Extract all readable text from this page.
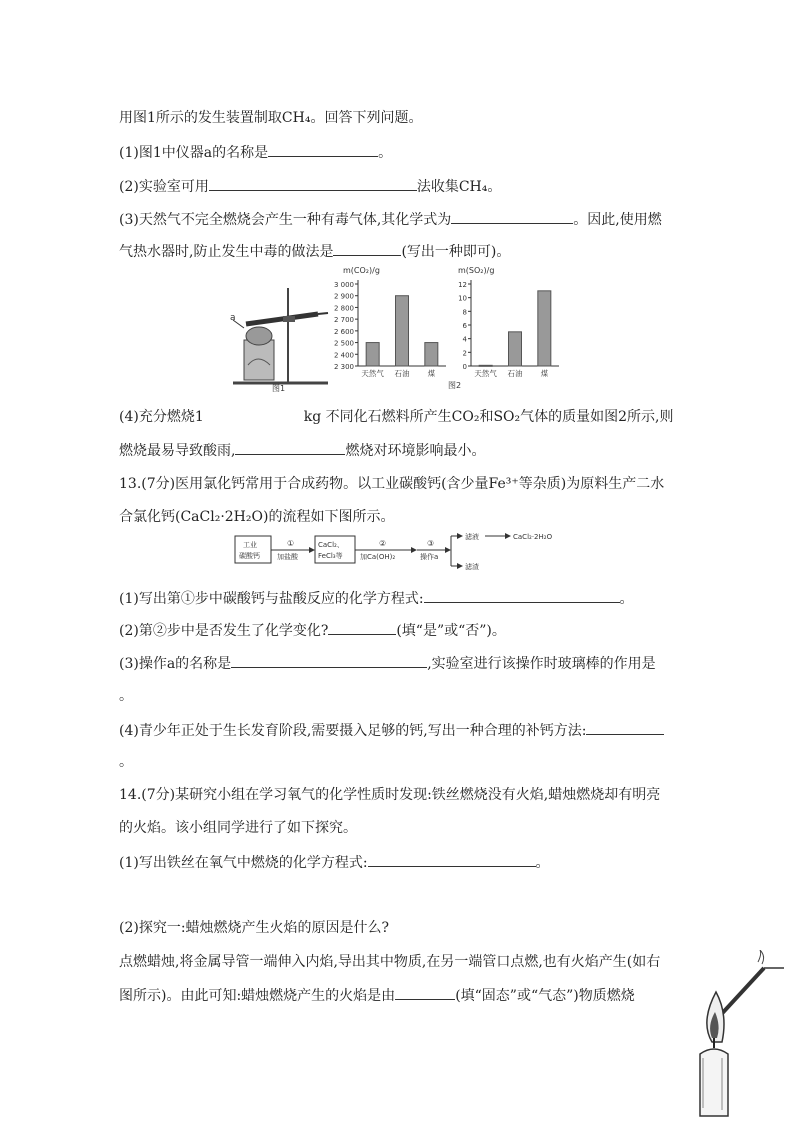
用图1所示的发生装置制取CH₄。回答下列问题。
(1)图1中仪器a的名称是	。
(2)实验室可用	法收集CH₄。
(3)天然气不完全燃烧会产生一种有毒气体,其化学式为	。因此,使用燃
气热水器时,防止发生中毒的做法是	(写出一种即可)。
a
图1
m(CO₂)/g
2 300
2 400
2 500
2 600
2 700
2 800
2 900
3 000
天然气 石油 煤
m(SO₂)/g
0
2
4
6
8
10
12
天然气 石油 煤
图2
(4)充分燃烧1	kg 不同化石燃料所产生CO₂和SO₂气体的质量如图2所示,则
燃烧最易导致酸雨,	燃烧对环境影响最小。
13.(7分)医用氯化钙常用于合成药物。以工业碳酸钙(含少量Fe³⁺等杂质)为原料生产二水
合氯化钙(CaCl₂·2H₂O)的流程如下图所示。
工业
碳酸钙
①
加盐酸
CaCl₂、
FeCl₃等
②
加Ca(OH)₂
③
操作a
滤液	CaCl₂·2H₂O
滤渣
(1)写出第①步中碳酸钙与盐酸反应的化学方程式:	。
(2)第②步中是否发生了化学变化?	(填“是”或“否”)。
(3)操作a的名称是	,实验室进行该操作时玻璃棒的作用是
。
(4)青少年正处于生长发育阶段,需要摄入足够的钙,写出一种合理的补钙方法:
。
14.(7分)某研究小组在学习氧气的化学性质时发现:铁丝燃烧没有火焰,蜡烛燃烧却有明亮
的火焰。该小组同学进行了如下探究。
(1)写出铁丝在氧气中燃烧的化学方程式:	。
(2)探究一:蜡烛燃烧产生火焰的原因是什么?
点燃蜡烛,将金属导管一端伸入内焰,导出其中物质,在另一端管口点燃,也有火焰产生(如右
图所示)。由此可知:蜡烛燃烧产生的火焰是由	(填“固态”或“气态”)物质燃烧
